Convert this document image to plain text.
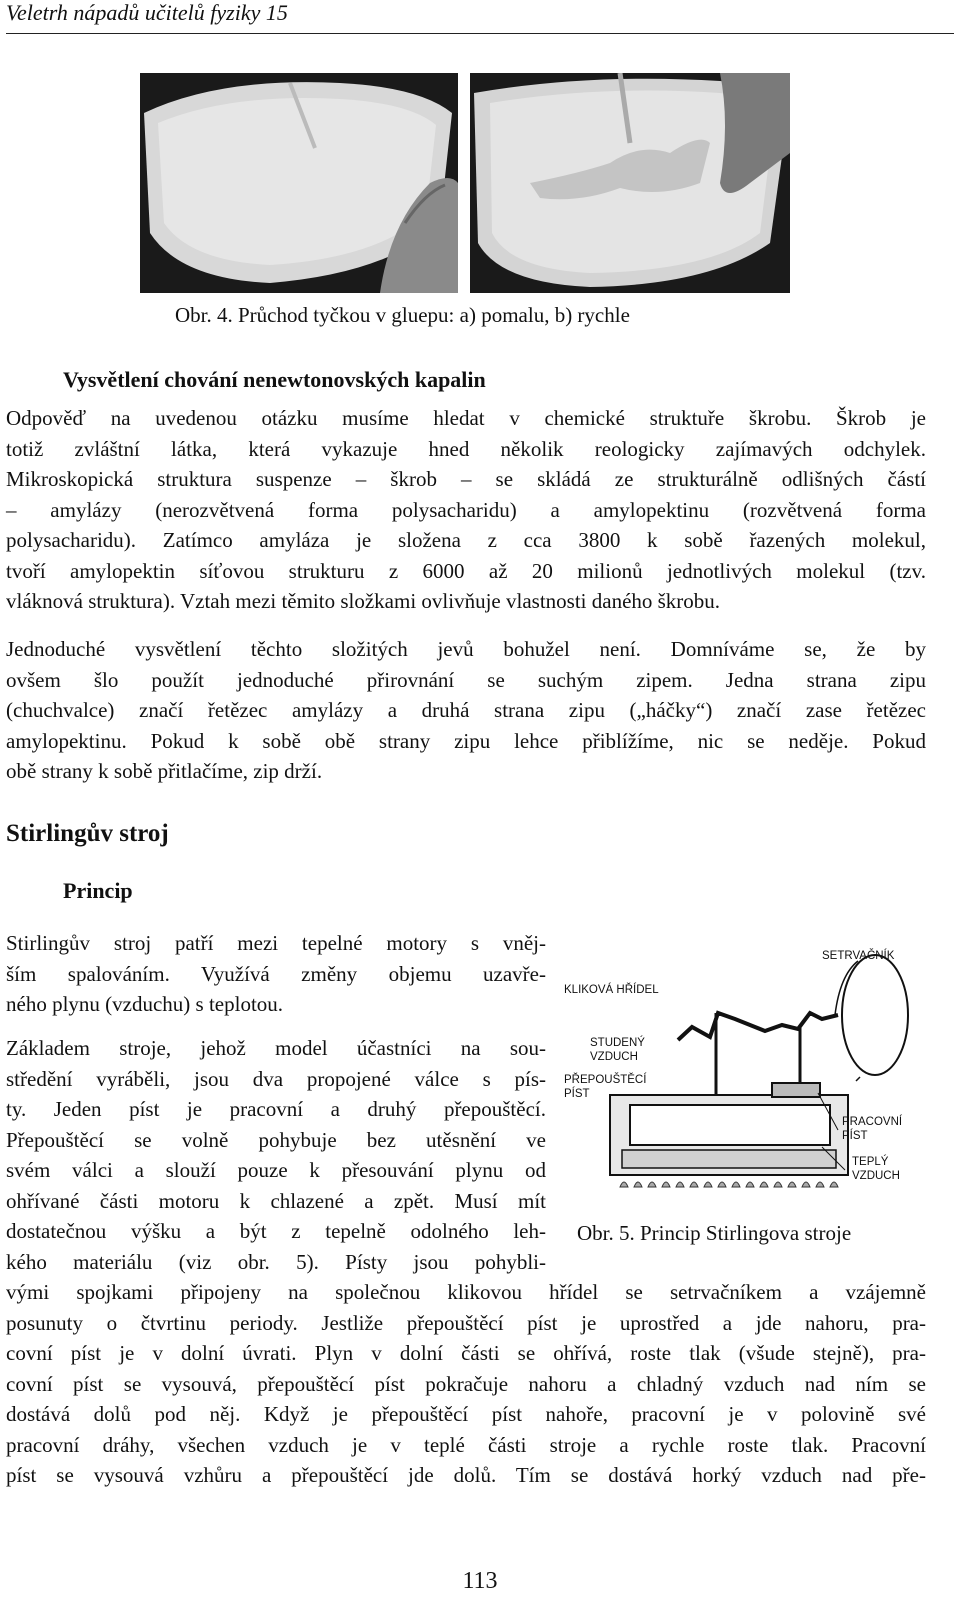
Veletrh nápadů učitelů fyziky 15
Obr. 4. Průchod tyčkou v gluepu: a) pomalu, b) rychle
Vysvětlení chování nenewtonovských kapalin
Odpověď na uvedenou otázku musíme hledat v chemické struktuře škrobu. Škrob je
totiž zvláštní látka, která vykazuje hned několik reologicky zajímavých odchylek.
Mikroskopická struktura suspenze – škrob – se skládá ze strukturálně odlišných částí
– amylázy (nerozvětvená forma polysacharidu) a amylopektinu (rozvětvená forma
polysacharidu). Zatímco amyláza je složena z cca 3800 k sobě řazených molekul,
tvoří amylopektin síťovou strukturu z 6000 až 20 milionů jednotlivých molekul (tzv.
vláknová struktura). Vztah mezi těmito složkami ovlivňuje vlastnosti daného škrobu.
Jednoduché vysvětlení těchto složitých jevů bohužel není. Domníváme se, že by
ovšem šlo použít jednoduché přirovnání se suchým zipem. Jedna strana zipu
(chuchvalce) značí řetězec amylázy a druhá strana zipu („háčky“) značí zase řetězec
amylopektinu. Pokud k sobě obě strany zipu lehce přiblížíme, nic se neděje. Pokud
obě strany k sobě přitlačíme, zip drží.
Stirlingův stroj
Princip
Stirlingův stroj patří mezi tepelné motory s vněj-
ším spalováním. Využívá změny objemu uzavře-
ného plynu (vzduchu) s teplotou.
Základem stroje, jehož model účastníci na sou-
středění vyráběli, jsou dva propojené válce s pís-
ty. Jeden píst je pracovní a druhý přepouštěcí.
Přepouštěcí se volně pohybuje bez utěsnění ve
svém válci a slouží pouze k přesouvání plynu od
ohřívané části motoru k chlazené a zpět. Musí mít
dostatečnou výšku a být z tepelně odolného leh-
kého materiálu (viz obr. 5). Písty jsou pohybli-
vými spojkami připojeny na společnou klikovou hřídel se setrvačníkem a vzájemně
posunuty o čtvrtinu periody. Jestliže přepouštěcí píst je uprostřed a jde nahoru, pra-
covní píst je v dolní úvrati. Plyn v dolní části se ohřívá, roste tlak (všude stejně), pra-
covní píst se vysouvá, přepouštěcí píst pokračuje nahoru a chladný vzduch nad ním se
dostává dolů pod něj. Když je přepouštěcí píst nahoře, pracovní je v polovině své
pracovní dráhy, všechen vzduch je v teplé části stroje a rychle roste tlak. Pracovní
píst se vysouvá vzhůru a přepouštěcí jde dolů. Tím se dostává horký vzduch nad pře-
SETRVAČNÍK
KLIKOVÁ HŘÍDEL
STUDENÝ
VZDUCH
PŘEPOUŠTĚCÍ
PÍST
PRACOVNÍ
PÍST
TEPLÝ
VZDUCH
Obr. 5. Princip Stirlingova stroje
113
